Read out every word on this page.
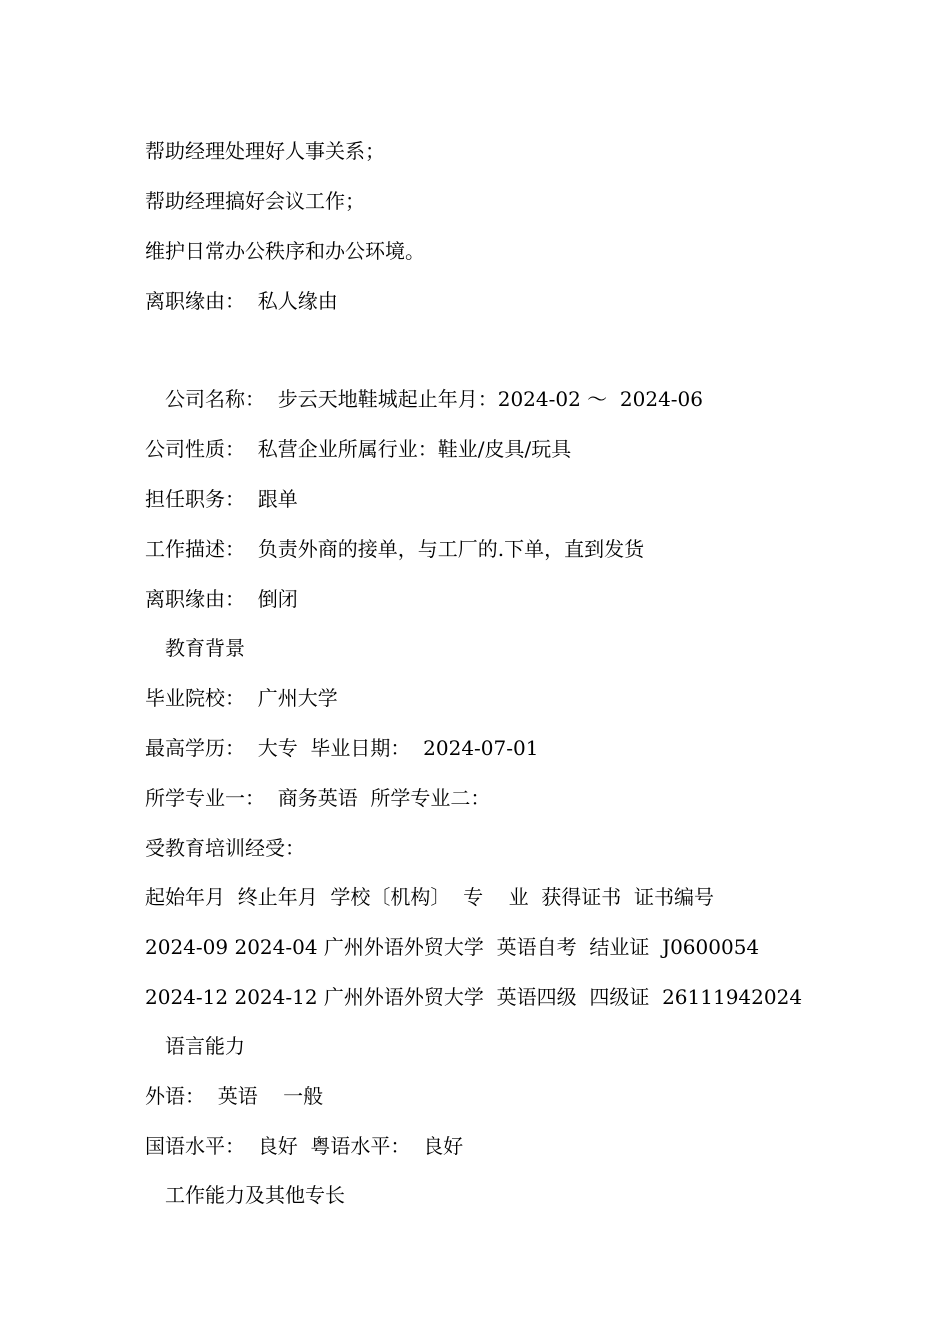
帮助经理处理好人事关系；
帮助经理搞好会议工作；
维护日常办公秩序和办公环境。
离职缘由：  私人缘由
公司名称：  步云天地鞋城起止年月：2024-02 ～  2024-06
公司性质：  私营企业所属行业：鞋业/皮具/玩具
担任职务：  跟单
工作描述：  负责外商的接单，与工厂的.下单，直到发货
离职缘由：  倒闭
教育背景
毕业院校：  广州大学
最高学历：  大专  毕业日期：  2024-07-01
所学专业一：  商务英语  所学专业二：
受教育培训经受：
起始年月  终止年月  学校〔机构〕  专    业  获得证书  证书编号
2024-09 2024-04 广州外语外贸大学  英语自考  结业证  J0600054
2024-12 2024-12 广州外语外贸大学  英语四级  四级证  26111942024
语言能力
外语：  英语    一般
国语水平：  良好  粤语水平：  良好
工作能力及其他专长
